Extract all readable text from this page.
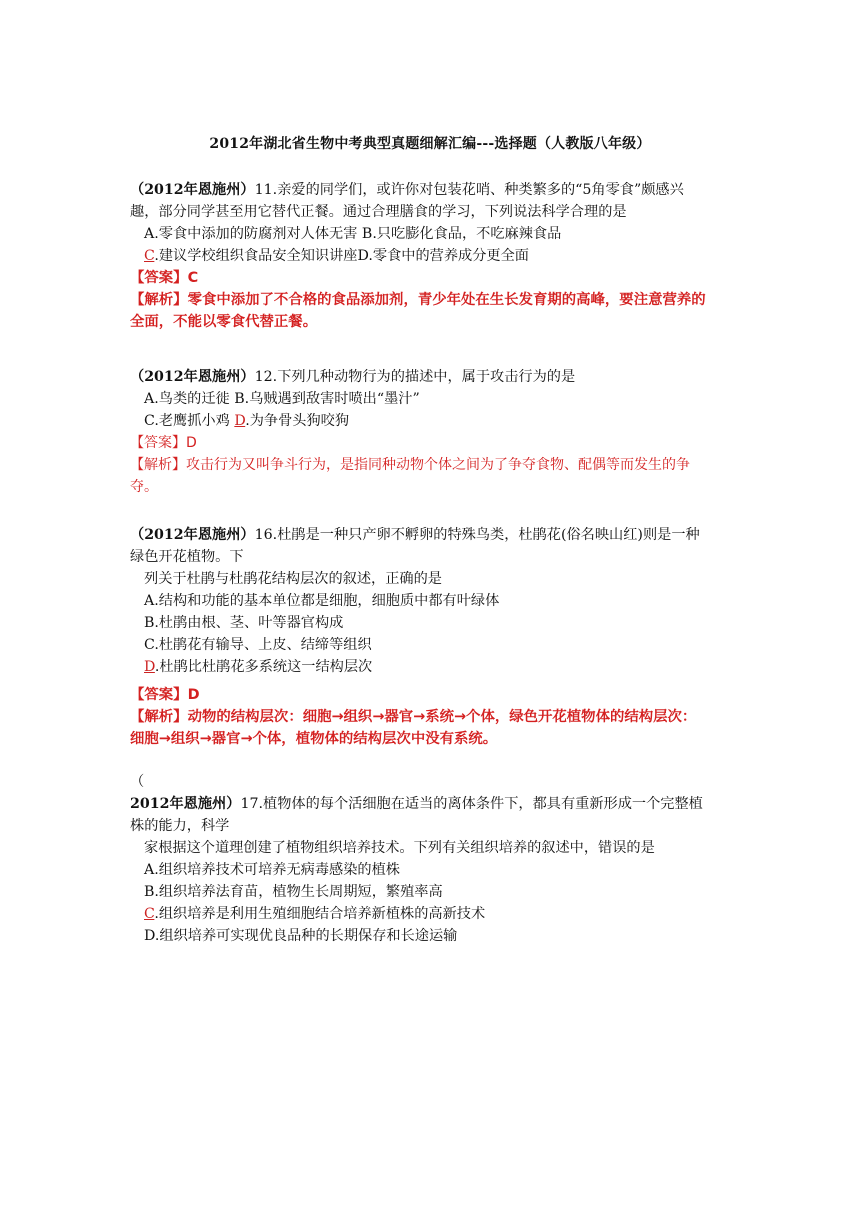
2012年湖北省生物中考典型真题细解汇编---选择题（人教版八年级）
（2012年恩施州）11.亲爱的同学们，或许你对包装花哨、种类繁多的“5角零食”颇感兴
趣，部分同学甚至用它替代正餐。通过合理膳食的学习，下列说法科学合理的是
A.零食中添加的防腐剂对人体无害 B.只吃膨化食品，不吃麻辣食品
C.建议学校组织食品安全知识讲座D.零食中的营养成分更全面
【答案】C
【解析】零食中添加了不合格的食品添加剂，青少年处在生长发育期的高峰，要注意营养的
全面，不能以零食代替正餐。
（2012年恩施州）12.下列几种动物行为的描述中，属于攻击行为的是
A.鸟类的迁徙 B.乌贼遇到敌害时喷出“墨汁”
C.老鹰抓小鸡 D.为争骨头狗咬狗
【答案】D
【解析】攻击行为又叫争斗行为，是指同种动物个体之间为了争夺食物、配偶等而发生的争
夺。
（2012年恩施州）16.杜鹃是一种只产卵不孵卵的特殊鸟类，杜鹃花(俗名映山红)则是一种
绿色开花植物。下
列关于杜鹃与杜鹃花结构层次的叙述，正确的是
A.结构和功能的基本单位都是细胞，细胞质中都有叶绿体
B.杜鹃由根、茎、叶等器官构成
C.杜鹃花有输导、上皮、结缔等组织
D.杜鹃比杜鹃花多系统这一结构层次
【答案】D
【解析】动物的结构层次：细胞→组织→器官→系统→个体，绿色开花植物体的结构层次：
细胞→组织→器官→个体，植物体的结构层次中没有系统。
（
2012年恩施州）17.植物体的每个活细胞在适当的离体条件下，都具有重新形成一个完整植
株的能力，科学
家根据这个道理创建了植物组织培养技术。下列有关组织培养的叙述中，错误的是
A.组织培养技术可培养无病毒感染的植株
B.组织培养法育苗，植物生长周期短，繁殖率高
C.组织培养是利用生殖细胞结合培养新植株的高新技术
D.组织培养可实现优良品种的长期保存和长途运输
